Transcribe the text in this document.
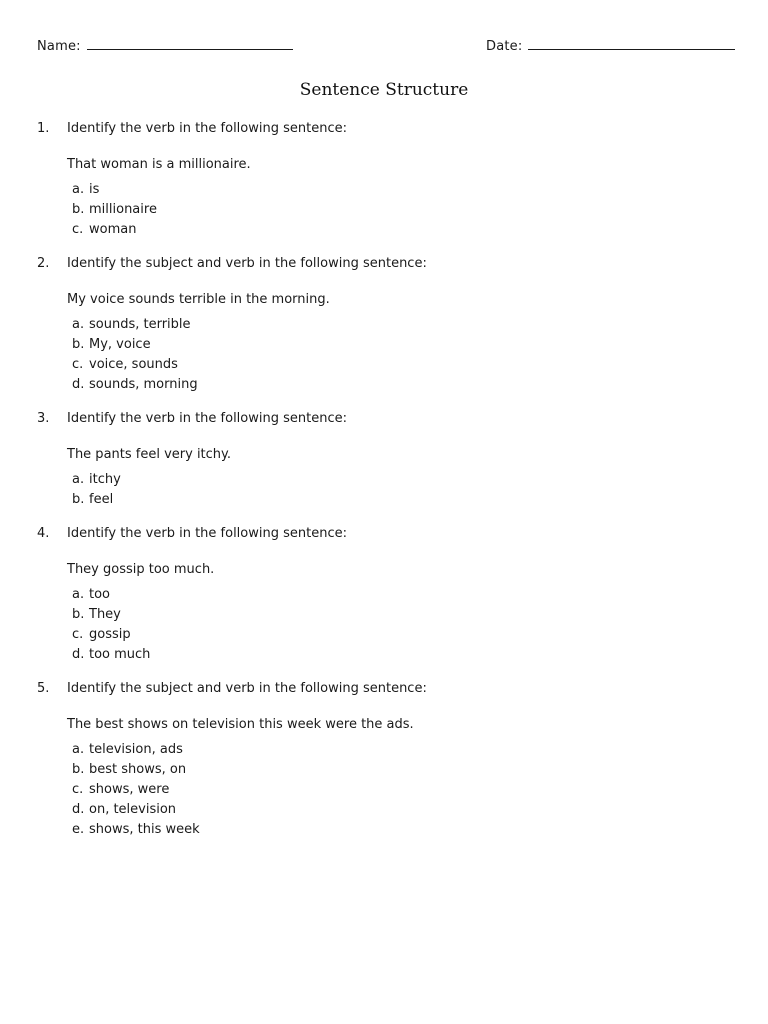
Name:	Date:
Sentence Structure
1.	Identify the verb in the following sentence:
That woman is a millionaire.
a. is
b. millionaire
c. woman
2.	Identify the subject and verb in the following sentence:
My voice sounds terrible in the morning.
a. sounds, terrible
b. My, voice
c. voice, sounds
d. sounds, morning
3.	Identify the verb in the following sentence:
The pants feel very itchy.
a. itchy
b. feel
4.	Identify the verb in the following sentence:
They gossip too much.
a. too
b. They
c. gossip
d. too much
5.	Identify the subject and verb in the following sentence:
The best shows on television this week were the ads.
a. television, ads
b. best shows, on
c. shows, were
d. on, television
e. shows, this week
